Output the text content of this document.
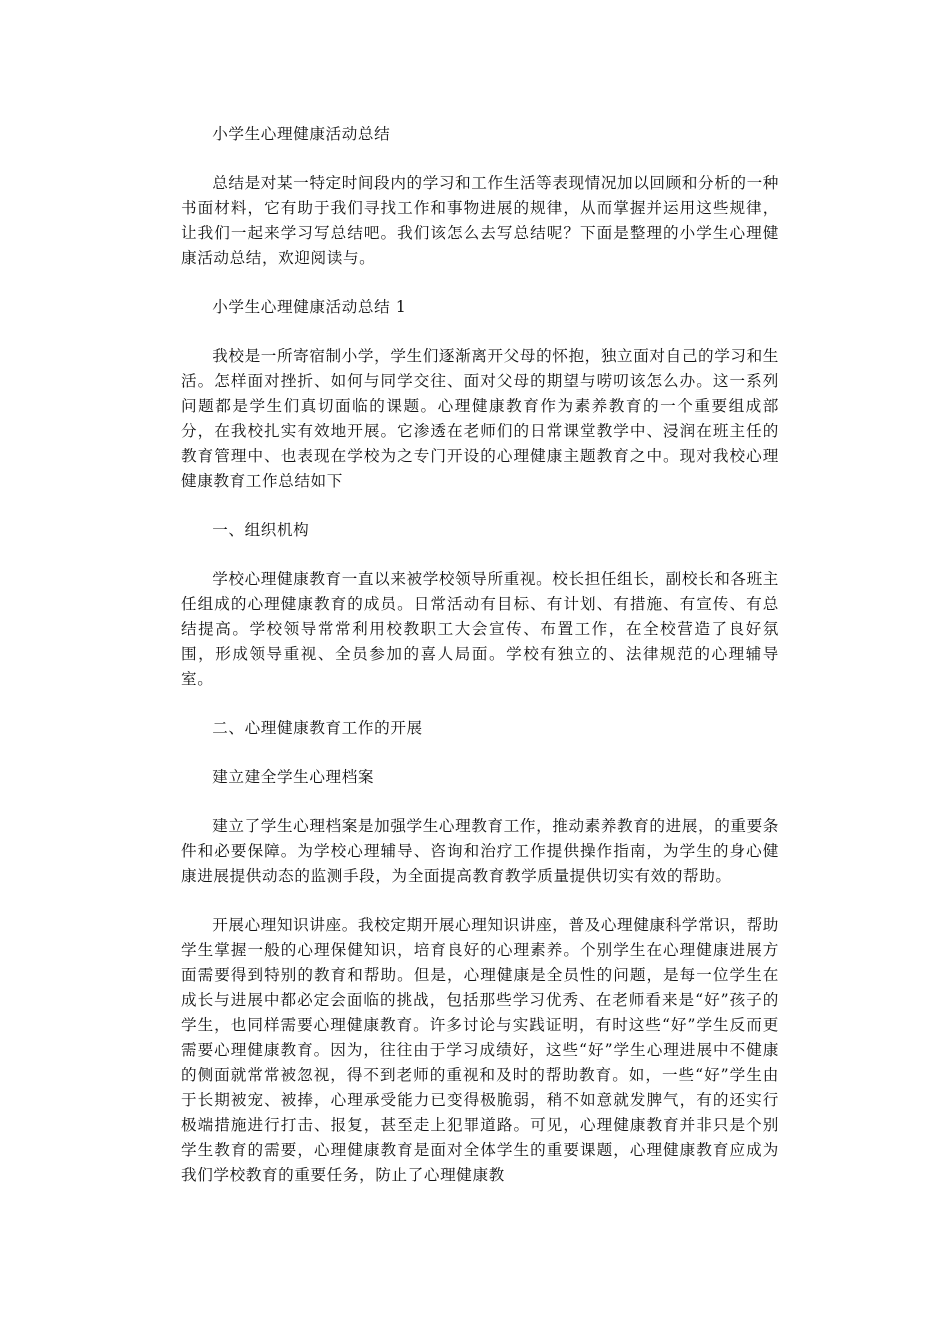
小学生心理健康活动总结

总结是对某一特定时间段内的学习和工作生活等表现情况加以回顾和分析的一种书面材料，它有助于我们寻找工作和事物进展的规律，从而掌握并运用这些规律，让我们一起来学习写总结吧。我们该怎么去写总结呢？下面是整理的小学生心理健康活动总结，欢迎阅读与。

小学生心理健康活动总结 1

我校是一所寄宿制小学，学生们逐渐离开父母的怀抱，独立面对自己的学习和生活。怎样面对挫折、如何与同学交往、面对父母的期望与唠叨该怎么办。这一系列问题都是学生们真切面临的课题。心理健康教育作为素养教育的一个重要组成部分，在我校扎实有效地开展。它渗透在老师们的日常课堂教学中、浸润在班主任的教育管理中、也表现在学校为之专门开设的心理健康主题教育之中。现对我校心理健康教育工作总结如下

一、组织机构

学校心理健康教育一直以来被学校领导所重视。校长担任组长，副校长和各班主任组成的心理健康教育的成员。日常活动有目标、有计划、有措施、有宣传、有总结提高。学校领导常常利用校教职工大会宣传、布置工作，在全校营造了良好氛围，形成领导重视、全员参加的喜人局面。学校有独立的、法律规范的心理辅导室。

二、心理健康教育工作的开展

建立建全学生心理档案

建立了学生心理档案是加强学生心理教育工作，推动素养教育的进展，的重要条件和必要保障。为学校心理辅导、咨询和治疗工作提供操作指南，为学生的身心健康进展提供动态的监测手段，为全面提高教育教学质量提供切实有效的帮助。

开展心理知识讲座。我校定期开展心理知识讲座，普及心理健康科学常识，帮助学生掌握一般的心理保健知识，培育良好的心理素养。个别学生在心理健康进展方面需要得到特别的教育和帮助。但是，心理健康是全员性的问题，是每一位学生在成长与进展中都必定会面临的挑战，包括那些学习优秀、在老师看来是“好”孩子的学生，也同样需要心理健康教育。许多讨论与实践证明，有时这些“好”学生反而更需要心理健康教育。因为，往往由于学习成绩好，这些“好”学生心理进展中不健康的侧面就常常被忽视，得不到老师的重视和及时的帮助教育。如，一些“好”学生由于长期被宠、被捧，心理承受能力已变得极脆弱，稍不如意就发脾气，有的还实行极端措施进行打击、报复，甚至走上犯罪道路。可见，心理健康教育并非只是个别学生教育的需要，心理健康教育是面对全体学生的重要课题，心理健康教育应成为我们学校教育的重要任务，防止了心理健康教
